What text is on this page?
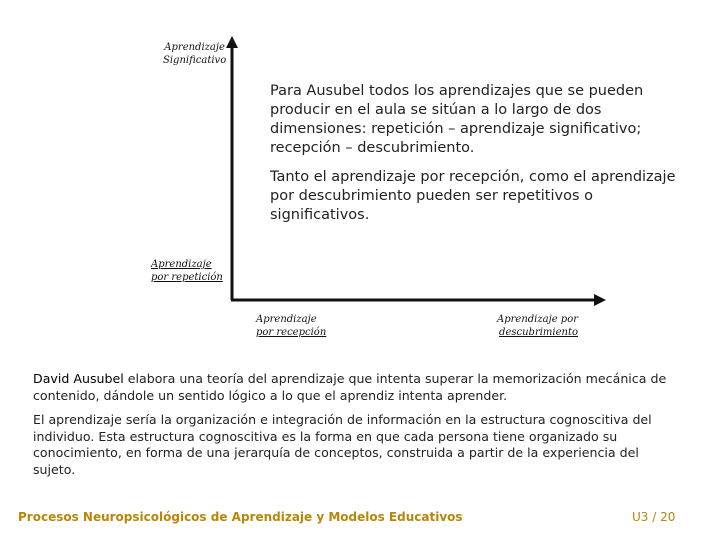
Aprendizaje
Significativo
Aprendizaje
por repetición
Aprendizaje
por recepción
Aprendizaje por
descubrimiento
Para Ausubel todos los aprendizajes que se pueden producir en el aula se sitúan a lo largo de dos dimensiones: repetición – aprendizaje significativo; recepción – descubrimiento.
Tanto el aprendizaje por recepción, como el aprendizaje por descubrimiento pueden ser repetitivos o significativos.
David Ausubel elabora una teoría del aprendizaje que intenta superar la memorización mecánica de contenido, dándole un sentido lógico a lo que el aprendiz intenta aprender.
El aprendizaje sería la organización e integración de información en la estructura cognoscitiva del individuo. Esta estructura cognoscitiva es la forma en que cada persona tiene organizado su conocimiento, en forma de una jerarquía de conceptos, construida a partir de la experiencia del sujeto.
Procesos Neuropsicológicos de Aprendizaje y Modelos Educativos	U3 / 20
